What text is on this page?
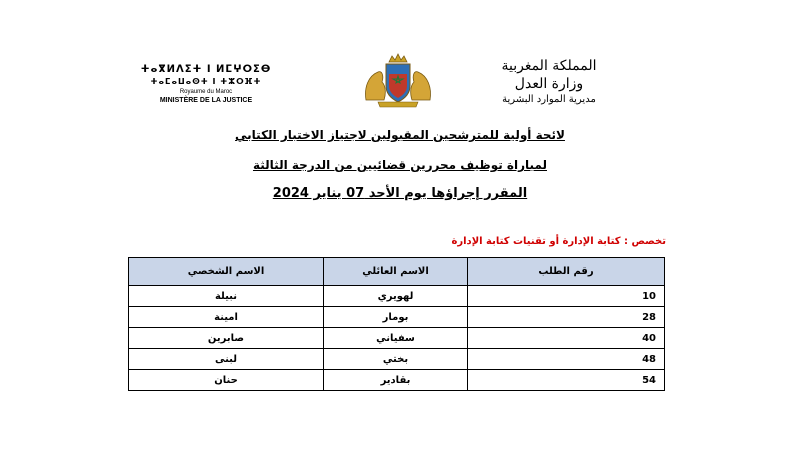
ⵜⴰⴳⵍⴷⵉⵜ ⵏ ⵍⵎⵖⵔⵉⴱ
ⵜⴰⵎⴰⵡⴰⵙⵜ ⵏ ⵜⵣⵔⴼⵜ
Royaume du Maroc
MINISTÈRE DE LA JUSTICE
المملكة المغربية
وزارة العدل
مديرية الموارد البشرية
لائحة أولية للمترشحين المقبولين لاجتياز الاختبار الكتابي
لمباراة توظيف محررين قضائيين من الدرجة الثالثة
المقرر إجراؤها يوم الأحد 07 يناير 2024
تخصص : كتابة الإدارة أو تقنيات كتابة الإدارة
رقم الطلب	الاسم العائلي	الاسم الشخصي
10	لهويري	نبيلة
28	بومار	امينة
40	سفياني	صابرين
48	بختي	لبنى
54	بقادير	حنان
